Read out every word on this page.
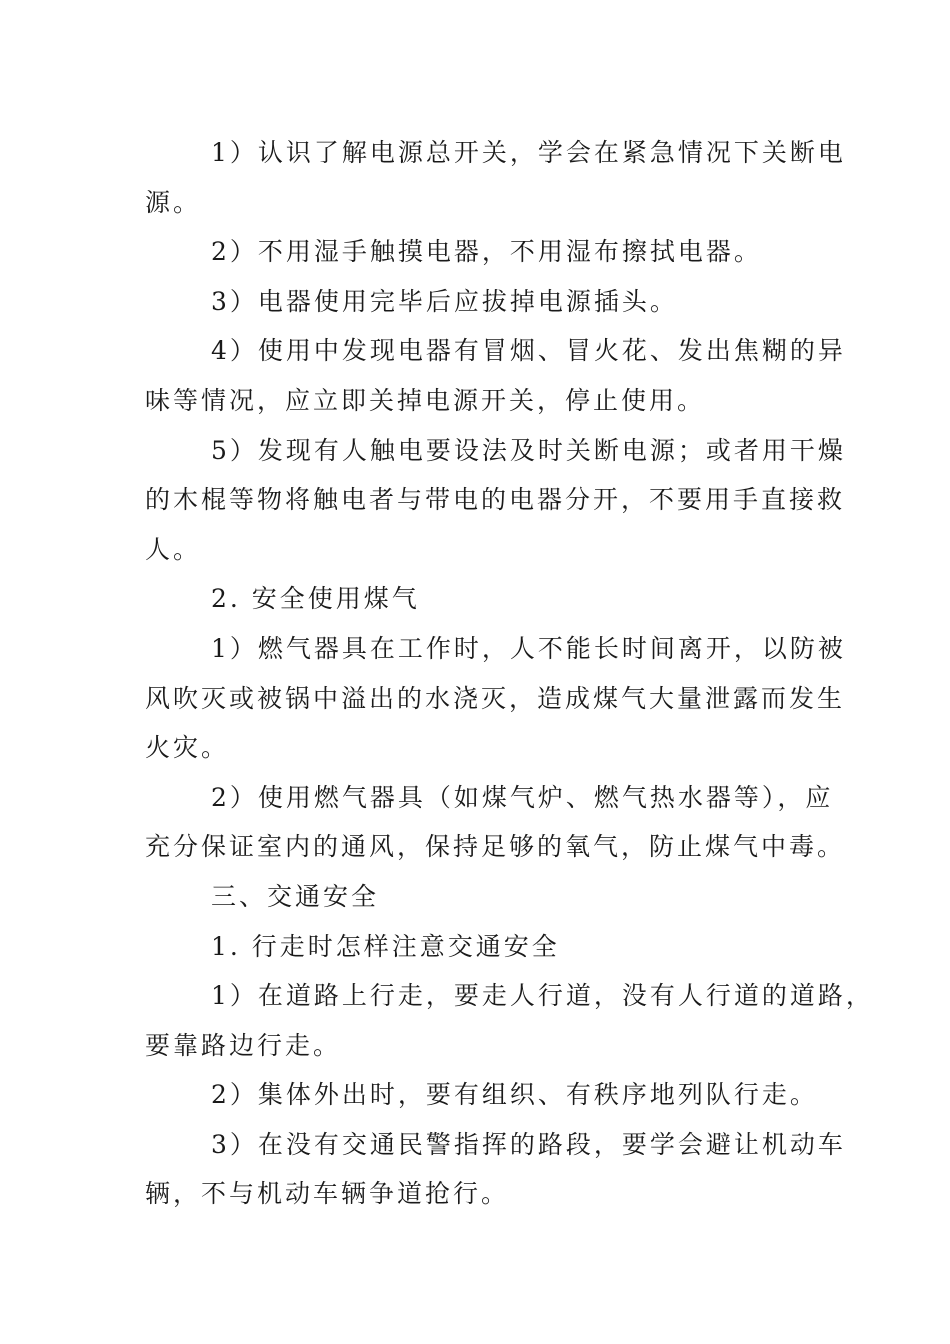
1）认识了解电源总开关，学会在紧急情况下关断电
源。
2）不用湿手触摸电器，不用湿布擦拭电器。
3）电器使用完毕后应拔掉电源插头。
4）使用中发现电器有冒烟、冒火花、发出焦糊的异
味等情况，应立即关掉电源开关，停止使用。
5）发现有人触电要设法及时关断电源；或者用干燥
的木棍等物将触电者与带电的电器分开，不要用手直接救
人。
2. 安全使用煤气
1）燃气器具在工作时，人不能长时间离开，以防被
风吹灭或被锅中溢出的水浇灭，造成煤气大量泄露而发生
火灾。
2）使用燃气器具（如煤气炉、燃气热水器等），应
充分保证室内的通风，保持足够的氧气，防止煤气中毒。
三、交通安全
1. 行走时怎样注意交通安全
1）在道路上行走，要走人行道，没有人行道的道路，
要靠路边行走。
2）集体外出时，要有组织、有秩序地列队行走。
3）在没有交通民警指挥的路段，要学会避让机动车
辆，不与机动车辆争道抢行。
